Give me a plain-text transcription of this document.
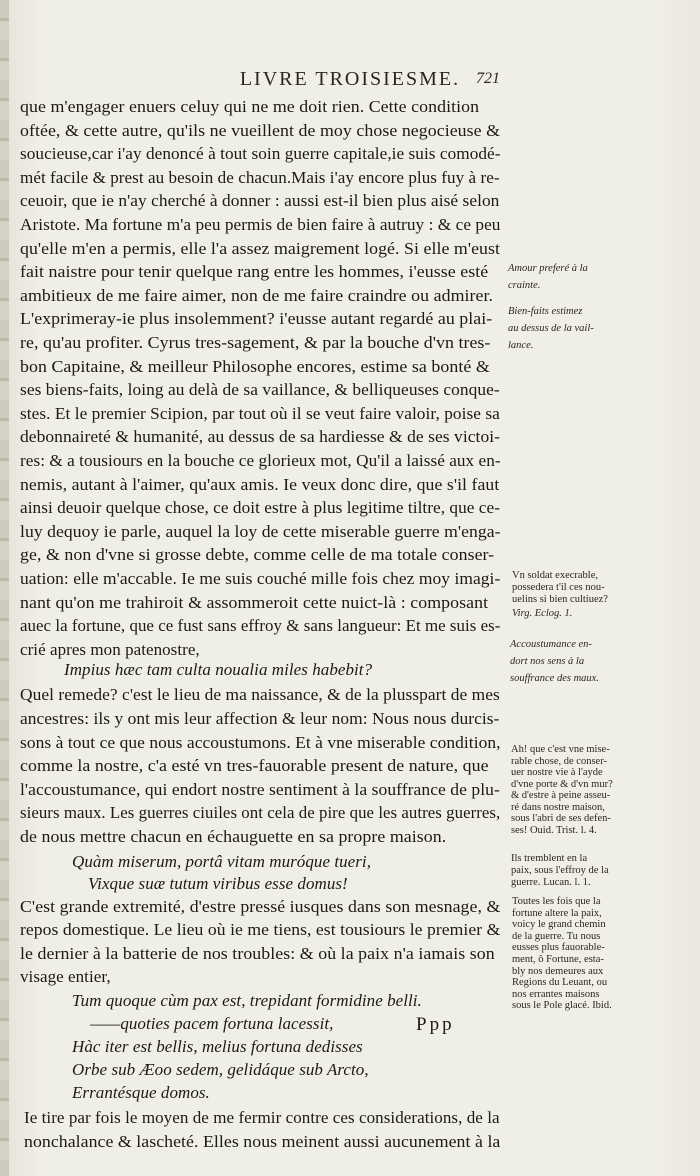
LIVRE TROISIESME. 721
que m'engager enuers celuy qui ne me doit rien. Cette condition
oftée, & cette autre, qu'ils ne vueillent de moy chose negocieuse &
soucieuse,car i'ay denoncé à tout soin guerre capitale,ie suis comodé-
mét facile & prest au besoin de chacun.Mais i'ay encore plus fuy à re-
ceuoir, que ie n'ay cherché à donner : aussi est-il bien plus aisé selon
Aristote. Ma fortune m'a peu permis de bien faire à autruy : & ce peu
qu'elle m'en a permis, elle l'a assez maigrement logé. Si elle m'eust
fait naistre pour tenir quelque rang entre les hommes, i'eusse esté
ambitieux de me faire aimer, non de me faire craindre ou admirer.
L'exprimeray-ie plus insolemment? i'eusse autant regardé au plai-
re, qu'au profiter. Cyrus tres-sagement, & par la bouche d'vn tres-
bon Capitaine, & meilleur Philosophe encores, estime sa bonté &
ses biens-faits, loing au delà de sa vaillance, & belliqueuses conque-
stes. Et le premier Scipion, par tout où il se veut faire valoir, poise sa
debonnaireté & humanité, au dessus de sa hardiesse & de ses victoi-
res: & a tousiours en la bouche ce glorieux mot, Qu'il a laissé aux en-
nemis, autant à l'aimer, qu'aux amis. Ie veux donc dire, que s'il faut
ainsi deuoir quelque chose, ce doit estre à plus legitime tiltre, que ce-
luy dequoy ie parle, auquel la loy de cette miserable guerre m'enga-
ge, & non d'vne si grosse debte, comme celle de ma totale conser-
uation: elle m'accable. Ie me suis couché mille fois chez moy imagi-
nant qu'on me trahiroit & assommeroit cette nuict-là : composant
auec la fortune, que ce fust sans effroy & sans langueur: Et me suis es-
crié apres mon patenostre,
Impius hæc tam culta noualia miles habebit?
Quel remede? c'est le lieu de ma naissance, & de la plusspart de mes
ancestres: ils y ont mis leur affection & leur nom: Nous nous durcis-
sons à tout ce que nous accoustumons. Et à vne miserable condition,
comme la nostre, c'a esté vn tres-fauorable present de nature, que
l'accoustumance, qui endort nostre sentiment à la souffrance de plu-
sieurs maux. Les guerres ciuiles ont cela de pire que les autres guerres,
de nous mettre chacun en échauguette en sa propre maison.
Quàm miserum, portâ vitam muróque tueri,
Vixque suæ tutum viribus esse domus!
C'est grande extremité, d'estre pressé iusques dans son mesnage, &
repos domestique. Le lieu où ie me tiens, est tousiours le premier &
le dernier à la batterie de nos troubles: & où la paix n'a iamais son
visage entier,
Tum quoque cùm pax est, trepidant formidine belli.
——quoties pacem fortuna lacessit,
Hàc iter est bellis, melius fortuna dedisses
Orbe sub Æoo sedem, gelidáque sub Arcto,
Errantésque domos.
Ie tire par fois le moyen de me fermir contre ces considerations, de la
nonchalance & lascheté. Elles nous meinent aussi aucunement à la
Amour preferé à la
crainte.
Bien-faits estimez
au dessus de la vail-
lance.
Vn soldat execrable,
possedera t'il ces nou-
uelins si bien cultiuez?
Virg. Eclog. 1.
Accoustumance en-
dort nos sens à la
souffrance des maux.
Ah! que c'est vne mise-
rable chose, de conser-
uer nostre vie à l'ayde
d'vne porte & d'vn mur?
& d'estre à peine asseu-
ré dans nostre maison,
sous l'abri de ses defen-
ses! Ouid. Trist. l. 4.
Ils tremblent en la
paix, sous l'effroy de la
guerre. Lucan. l. 1.
Toutes les fois que la
fortune altere la paix,
voicy le grand chemin
de la guerre. Tu nous
eusses plus fauorable-
ment, ô Fortune, esta-
bly nos demeures aux
Regions du Leuant, ou
nos errantes maisons
sous le Pole glacé. Ibid.
Ppp
